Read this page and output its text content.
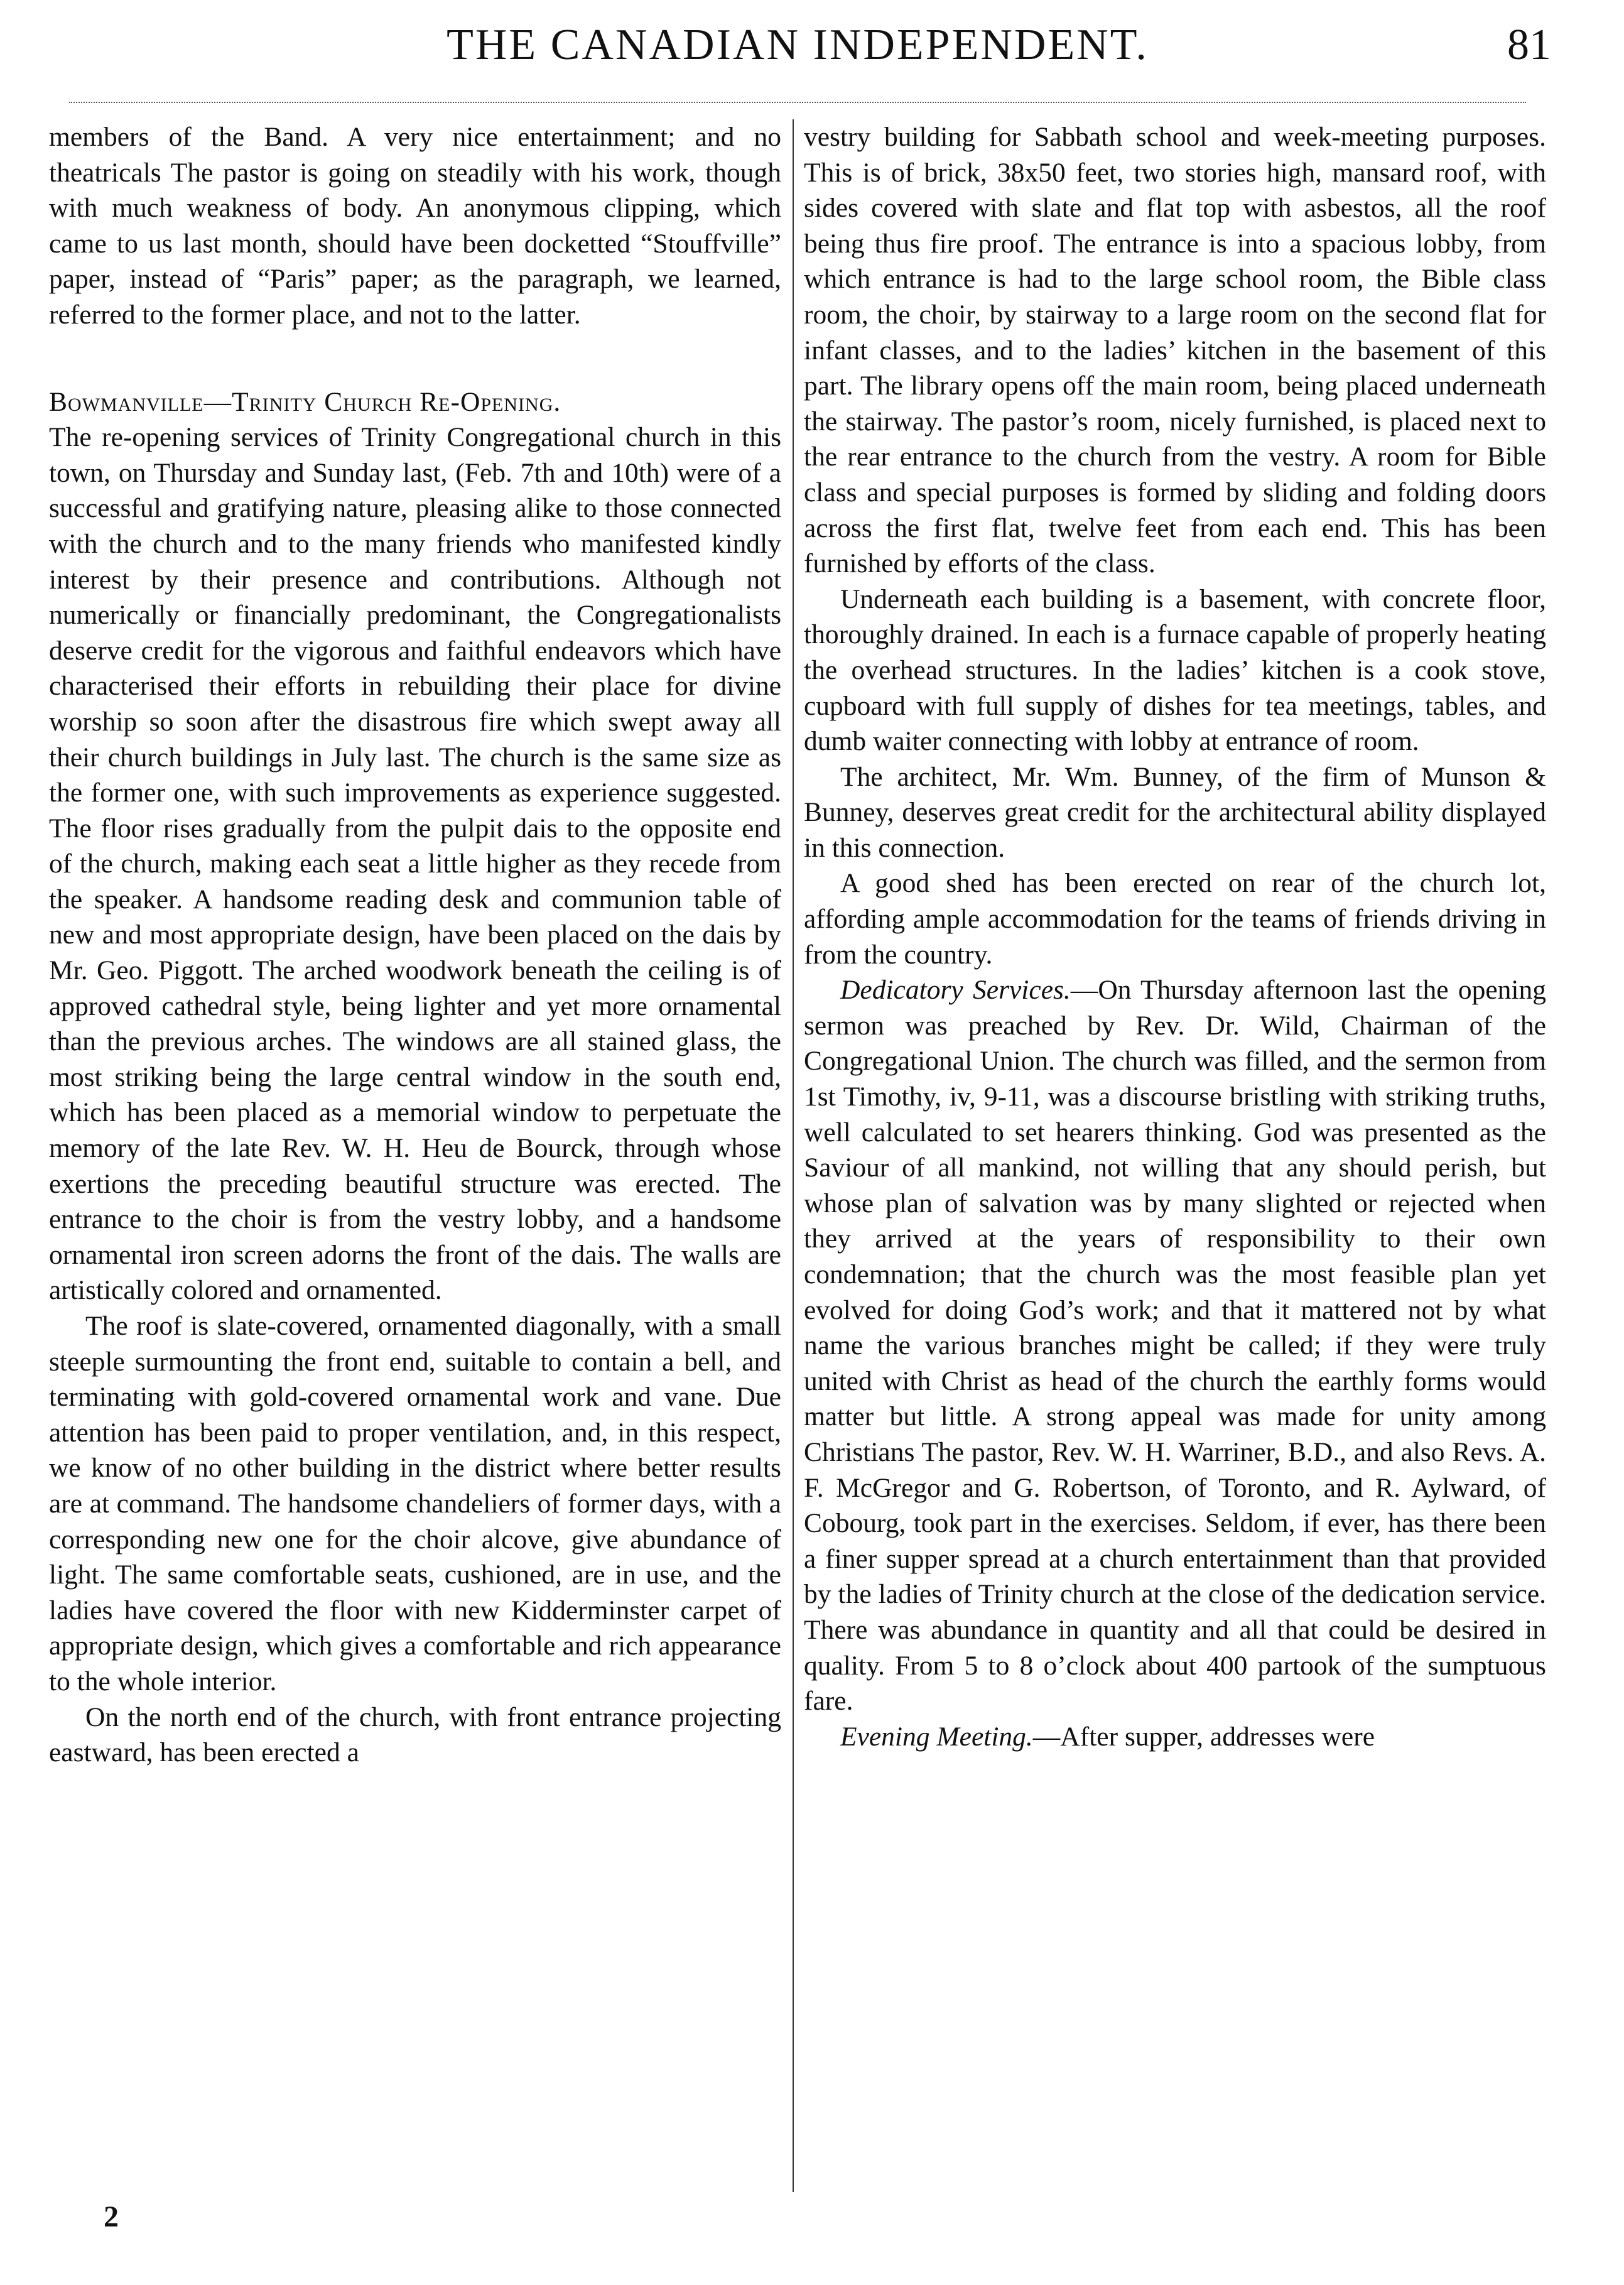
THE CANADIAN INDEPENDENT.	81

members of the Band. A very nice entertainment; and no theatricals The pastor is going on steadily with his work, though with much weakness of body. An anonymous clipping, which came to us last month, should have been docketted “Stouffville” paper, instead of “Paris” paper; as the paragraph, we learned, referred to the former place, and not to the latter.

Bowmanville—Trinity Church Re-Opening.

The re-opening services of Trinity Congregational church in this town, on Thursday and Sunday last, (Feb. 7th and 10th) were of a successful and gratifying nature, pleasing alike to those connected with the church and to the many friends who manifested kindly interest by their presence and contributions. Although not numerically or financially predominant, the Congregationalists deserve credit for the vigorous and faithful endeavors which have characterised their efforts in rebuilding their place for divine worship so soon after the disastrous fire which swept away all their church buildings in July last. The church is the same size as the former one, with such improvements as experience suggested. The floor rises gradually from the pulpit dais to the opposite end of the church, making each seat a little higher as they recede from the speaker. A handsome reading desk and communion table of new and most appropriate design, have been placed on the dais by Mr. Geo. Piggott. The arched woodwork beneath the ceiling is of approved cathedral style, being lighter and yet more ornamental than the previous arches. The windows are all stained glass, the most striking being the large central window in the south end, which has been placed as a memorial window to perpetuate the memory of the late Rev. W. H. Heu de Bourck, through whose exertions the preceding beautiful structure was erected. The entrance to the choir is from the vestry lobby, and a handsome ornamental iron screen adorns the front of the dais. The walls are artistically colored and ornamented.

The roof is slate-covered, ornamented diagonally, with a small steeple surmounting the front end, suitable to contain a bell, and terminating with gold-covered ornamental work and vane. Due attention has been paid to proper ventilation, and, in this respect, we know of no other building in the district where better results are at command. The handsome chandeliers of former days, with a corresponding new one for the choir alcove, give abundance of light. The same comfortable seats, cushioned, are in use, and the ladies have covered the floor with new Kidderminster carpet of appropriate design, which gives a comfortable and rich appearance to the whole interior.

On the north end of the church, with front entrance projecting eastward, has been erected a

vestry building for Sabbath school and week-meeting purposes. This is of brick, 38x50 feet, two stories high, mansard roof, with sides covered with slate and flat top with asbestos, all the roof being thus fire proof. The entrance is into a spacious lobby, from which entrance is had to the large school room, the Bible class room, the choir, by stairway to a large room on the second flat for infant classes, and to the ladies’ kitchen in the basement of this part. The library opens off the main room, being placed underneath the stairway. The pastor’s room, nicely furnished, is placed next to the rear entrance to the church from the vestry. A room for Bible class and special purposes is formed by sliding and folding doors across the first flat, twelve feet from each end. This has been furnished by efforts of the class.

Underneath each building is a basement, with concrete floor, thoroughly drained. In each is a furnace capable of properly heating the overhead structures. In the ladies’ kitchen is a cook stove, cupboard with full supply of dishes for tea meetings, tables, and dumb waiter connecting with lobby at entrance of room.

The architect, Mr. Wm. Bunney, of the firm of Munson & Bunney, deserves great credit for the architectural ability displayed in this connection.

A good shed has been erected on rear of the church lot, affording ample accommodation for the teams of friends driving in from the country.

Dedicatory Services.—On Thursday afternoon last the opening sermon was preached by Rev. Dr. Wild, Chairman of the Congregational Union. The church was filled, and the sermon from 1st Timothy, iv, 9-11, was a discourse bristling with striking truths, well calculated to set hearers thinking. God was presented as the Saviour of all mankind, not willing that any should perish, but whose plan of salvation was by many slighted or rejected when they arrived at the years of responsibility to their own condemnation; that the church was the most feasible plan yet evolved for doing God’s work; and that it mattered not by what name the various branches might be called; if they were truly united with Christ as head of the church the earthly forms would matter but little. A strong appeal was made for unity among Christians The pastor, Rev. W. H. Warriner, B.D., and also Revs. A. F. McGregor and G. Robertson, of Toronto, and R. Aylward, of Cobourg, took part in the exercises. Seldom, if ever, has there been a finer supper spread at a church entertainment than that provided by the ladies of Trinity church at the close of the dedication service. There was abundance in quantity and all that could be desired in quality. From 5 to 8 o’clock about 400 partook of the sumptuous fare.

Evening Meeting.—After supper, addresses were

2
